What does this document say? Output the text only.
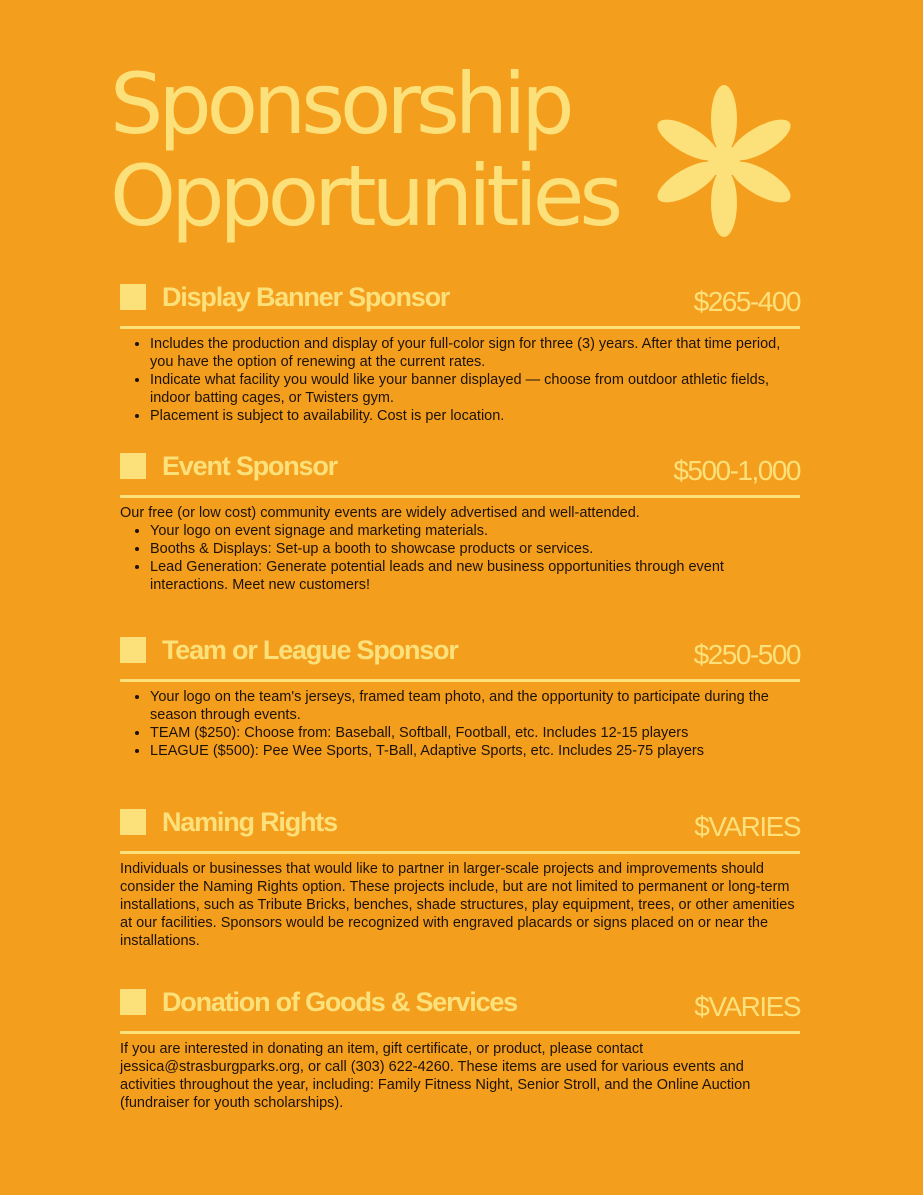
Sponsorship
Opportunities
Display Banner Sponsor	$265-400
• Includes the production and display of your full-color sign for three (3) years. After that time period, you have the option of renewing at the current rates.
• Indicate what facility you would like your banner displayed — choose from outdoor athletic fields, indoor batting cages, or Twisters gym.
• Placement is subject to availability. Cost is per location.
Event Sponsor	$500-1,000

Our free (or low cost) community events are widely advertised and well-attended.

• Your logo on event signage and marketing materials.
• Booths & Displays: Set-up a booth to showcase products or services.
• Lead Generation: Generate potential leads and new business opportunities through event interactions. Meet new customers!
Team or League Sponsor	$250-500
• Your logo on the team's jerseys, framed team photo, and the opportunity to participate during the season through events.
• TEAM ($250): Choose from: Baseball, Softball, Football, etc. Includes 12-15 players
• LEAGUE ($500): Pee Wee Sports, T-Ball, Adaptive Sports, etc. Includes 25-75 players
Naming Rights	$VARIES

Individuals or businesses that would like to partner in larger-scale projects and improvements should consider the Naming Rights option. These projects include, but are not limited to permanent or long-term installations, such as Tribute Bricks, benches, shade structures, play equipment, trees, or other amenities at our facilities. Sponsors would be recognized with engraved placards or signs placed on or near the installations.

Donation of Goods & Services	$VARIES

If you are interested in donating an item, gift certificate, or product, please contact jessica@strasburgparks.org, or call (303) 622-4260. These items are used for various events and activities throughout the year, including: Family Fitness Night, Senior Stroll, and the Online Auction (fundraiser for youth scholarships).
